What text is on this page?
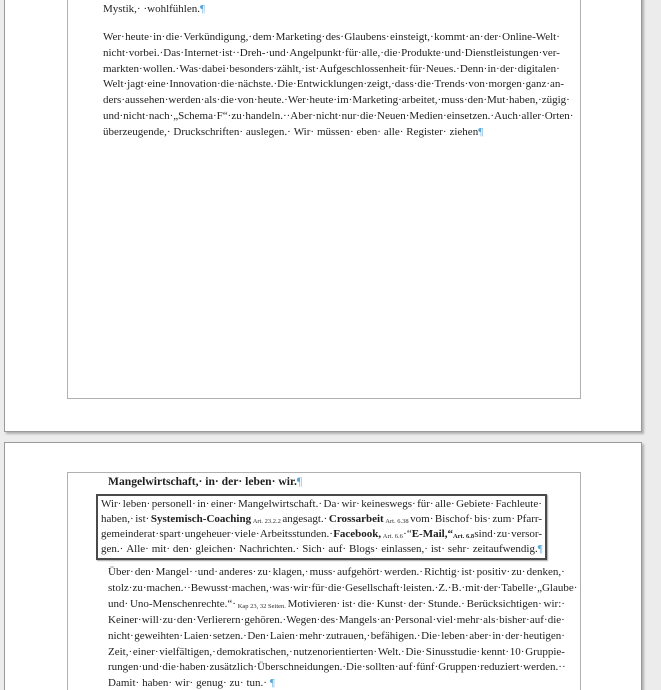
Mystik,· ·wohlfühlen.¶
Wer· heute· in· die· Verkündigung,· dem· Marketing· des· Glaubens· einsteigt,· kommt· an· der· Online-Welt·
nicht· vorbei.· Das· Internet· ist· ·Dreh-· und· Angelpunkt· für· alle,· die· Produkte· und· Dienstleistungen· ver-
markten· wollen.· Was· dabei· besonders· zählt,· ist· Aufgeschlossenheit· für· Neues.· Denn· in· der· digitalen·
Welt· jagt· eine· Innovation· die· nächste.· Die· Entwicklungen· zeigt,· dass· die· Trends· von· morgen· ganz· an-
ders· aussehen· werden· als· die· von· heute.· Wer· heute· im· Marketing· arbeitet,· muss· den· Mut· haben,· zügig·
und· nicht· nach· „Schema· F“· zu· handeln.· ·Aber· nicht· nur· die· Neuen· Medien· einsetzen.· Auch· aller· Orten·
überzeugende,· Druckschriften· auslegen.· Wir· müssen· eben· alle· Register· ziehen¶
Mangelwirtschaft,· in· der· leben· wir.¶
Wir· leben· personell· in· einer· Mangelwirtschaft.· Da· wir· keineswegs· für· alle· Gebiete· Fachleute·
haben,· ist· Systemisch-Coaching Art. 23.2.2 angesagt.· Crossarbeit Art. 6.38 vom· Bischof· bis· zum· Pfarr-
gemeinderat· spart· ungeheuer· viele· Arbeitsstunden.· Facebook, Art. 6.6 ·“E-Mail,“Art. 6.8 sind· zu· versor-
gen.· Alle· mit· den· gleichen· Nachrichten.· Sich· auf· Blogs· einlassen,· ist· sehr· zeitaufwendig.¶
Über· den· Mangel· ·und· anderes· zu· klagen,· muss· aufgehört· werden.· Richtig· ist· positiv· zu· denken,·
stolz· zu· machen.· ·Bewusst· machen,· was· wir· für· die· Gesellschaft· leisten.· Z.·B.· mit· der· Tabelle· „Glaube·
und· Uno-Menschenrechte.“· Kap 23, 32 Seiten. Motivieren· ist· die· Kunst· der· Stunde.· Berücksichtigen· wir:·
Keiner· will· zu· den· Verlierern· gehören.· Wegen· des· Mangels· an· Personal· viel· mehr· als· bisher· auf· die·
nicht· geweihten· Laien· setzen.· Den· Laien· mehr· zutrauen,· befähigen.· Die· leben· aber· in· der· heutigen·
Zeit,· einer· vielfältigen,· demokratischen,· nutzenorientierten· Welt.· Die· Sinusstudie· kennt· 10· Gruppie-
rungen· und· die· haben· zusätzlich· Überschneidungen.· Die· sollten· auf· fünf· Gruppen· reduziert· werden.· ·
Damit· haben· wir· genug· zu· tun.· ¶
